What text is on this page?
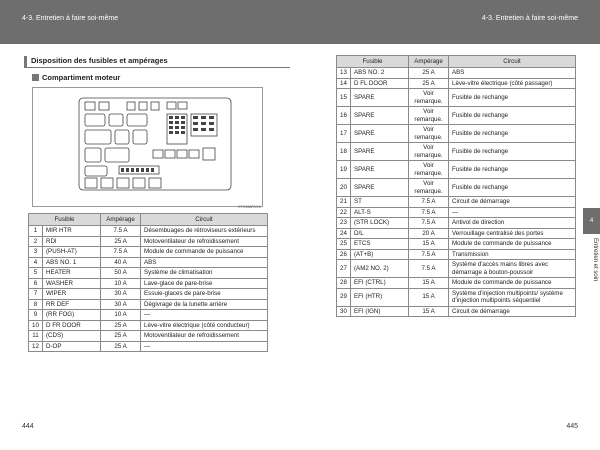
4-3. Entretien à faire soi-même	4-3. Entretien à faire soi-même
Disposition des fusibles et ampérages
Compartiment moteur
CTH43AR1/16
Fusible		Ampérage	Circuit
1	MIR HTR	7.5 A	Désembuages de rétroviseurs extérieurs
2	RDI	25 A	Motoventilateur de refroidissement
3	(PUSH-AT)	7.5 A	Module de commande de puissance
4	ABS NO. 1	40 A	ABS
5	HEATER	50 A	Système de climatisation
6	WASHER	10 A	Lave-glace de pare-brise
7	WIPER	30 A	Essuie-glaces de pare-brise
8	RR DEF	30 A	Dégivrage de la lunette arrière
9	(RR FOG)	10 A	—
10	D FR DOOR	25 A	Lève-vitre électrique (côté conducteur)
11	(CDS)	25 A	Motoventilateur de refroidissement
12	D-OP	25 A	—
Fusible		Ampérage	Circuit
13	ABS NO. 2	25 A	ABS
14	D FL DOOR	25 A	Lève-vitre électrique (côté passager)
15	SPARE	Voir remarque.	Fusible de rechange
16	SPARE	Voir remarque.	Fusible de rechange
17	SPARE	Voir remarque.	Fusible de rechange
18	SPARE	Voir remarque.	Fusible de rechange
19	SPARE	Voir remarque.	Fusible de rechange
20	SPARE	Voir remarque.	Fusible de rechange
21	ST	7.5 A	Circuit de démarrage
22	ALT-S	7.5 A	—
23	(STR LOCK)	7.5 A	Antivol de direction
24	D/L	20 A	Verrouillage centralisé des portes
25	ETCS	15 A	Module de commande de puissance
26	(AT+B)	7.5 A	Transmission
27	(AM2 NO. 2)	7.5 A	Système d'accès mains libres avec démarrage à bouton-poussoir
28	EFI (CTRL)	15 A	Module de commande de puissance
29	EFI (HTR)	15 A	Système d'injection multipoints/ système d'injection multipoints séquentiel
30	EFI (IGN)	15 A	Circuit de démarrage
4
Entretien et soin
444	445
